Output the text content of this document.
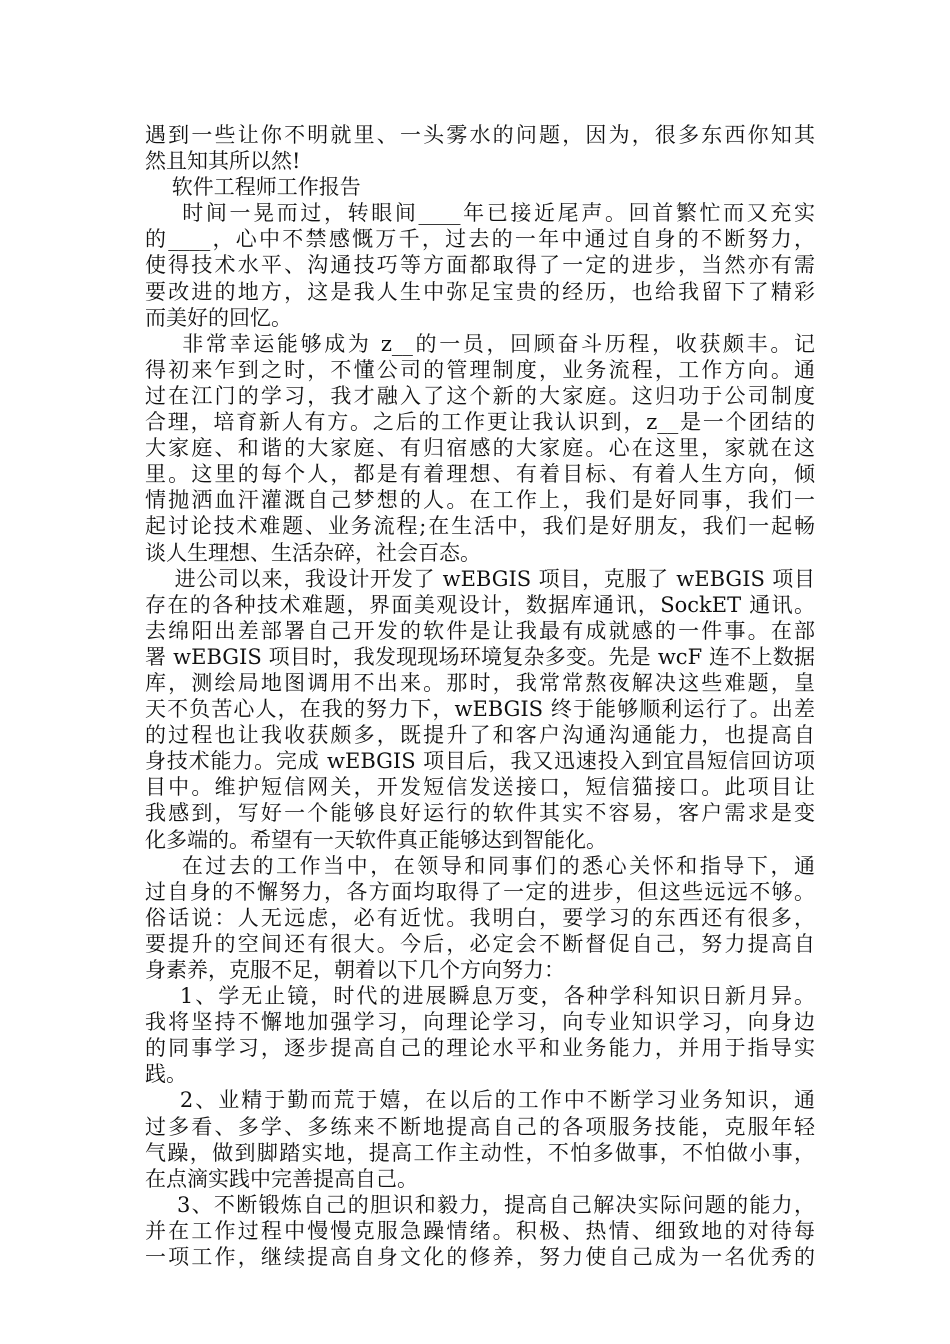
遇到一些让你不明就里、一头雾水的问题，因为，很多东西你知其
然且知其所以然!
软件工程师工作报告
时间一晃而过，转眼间____年已接近尾声。回首繁忙而又充实
的____，心中不禁感慨万千，过去的一年中通过自身的不断努力，
使得技术水平、沟通技巧等方面都取得了一定的进步，当然亦有需
要改进的地方，这是我人生中弥足宝贵的经历，也给我留下了精彩
而美好的回忆。
非常幸运能够成为 z__的一员，回顾奋斗历程，收获颇丰。记
得初来乍到之时，不懂公司的管理制度，业务流程，工作方向。通
过在江门的学习，我才融入了这个新的大家庭。这归功于公司制度
合理，培育新人有方。之后的工作更让我认识到，z__是一个团结的
大家庭、和谐的大家庭、有归宿感的大家庭。心在这里，家就在这
里。这里的每个人，都是有着理想、有着目标、有着人生方向，倾
情抛洒血汗灌溉自己梦想的人。在工作上，我们是好同事，我们一
起讨论技术难题、业务流程;在生活中，我们是好朋友，我们一起畅
谈人生理想、生活杂碎，社会百态。
进公司以来，我设计开发了 wEBGIS 项目，克服了 wEBGIS 项目
存在的各种技术难题，界面美观设计，数据库通讯，SockET 通讯。
去绵阳出差部署自己开发的软件是让我最有成就感的一件事。在部
署 wEBGIS 项目时，我发现现场环境复杂多变。先是 wcF 连不上数据
库，测绘局地图调用不出来。那时，我常常熬夜解决这些难题，皇
天不负苦心人，在我的努力下，wEBGIS 终于能够顺利运行了。出差
的过程也让我收获颇多，既提升了和客户沟通沟通能力，也提高自
身技术能力。完成 wEBGIS 项目后，我又迅速投入到宜昌短信回访项
目中。维护短信网关，开发短信发送接口，短信猫接口。此项目让
我感到，写好一个能够良好运行的软件其实不容易，客户需求是变
化多端的。希望有一天软件真正能够达到智能化。
在过去的工作当中，在领导和同事们的悉心关怀和指导下，通
过自身的不懈努力，各方面均取得了一定的进步，但这些远远不够。
俗话说：人无远虑，必有近忧。我明白，要学习的东西还有很多，
要提升的空间还有很大。今后，必定会不断督促自己，努力提高自
身素养，克服不足，朝着以下几个方向努力：
1、学无止镜，时代的进展瞬息万变，各种学科知识日新月异。
我将坚持不懈地加强学习，向理论学习，向专业知识学习，向身边
的同事学习，逐步提高自己的理论水平和业务能力，并用于指导实
践。
2、业精于勤而荒于嬉，在以后的工作中不断学习业务知识，通
过多看、多学、多练来不断地提高自己的各项服务技能，克服年轻
气躁，做到脚踏实地，提高工作主动性，不怕多做事，不怕做小事，
在点滴实践中完善提高自己。
3、不断锻炼自己的胆识和毅力，提高自己解决实际问题的能力，
并在工作过程中慢慢克服急躁情绪。积极、热情、细致地的对待每
一项工作，继续提高自身文化的修养，努力使自己成为一名优秀的
